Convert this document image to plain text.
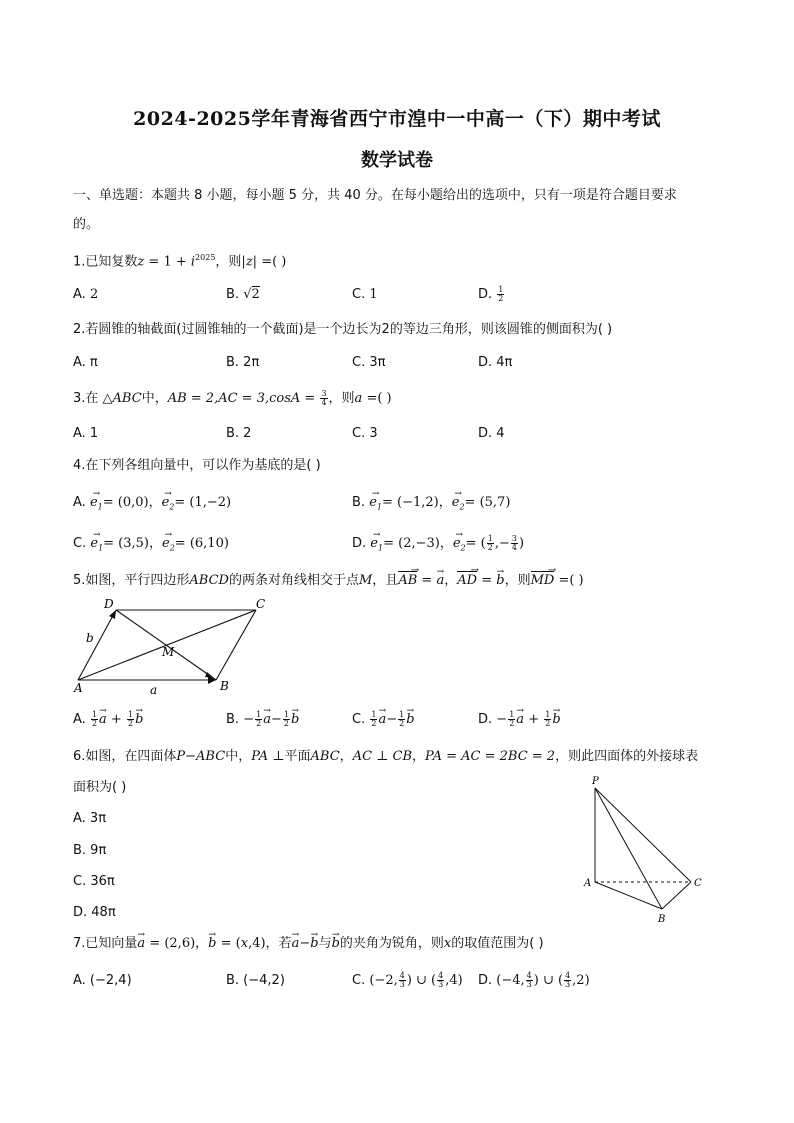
2024-2025学年青海省西宁市湟中一中高一（下）期中考试
数学试卷
一、单选题：本题共 8 小题，每小题 5 分，共 40 分。在每小题给出的选项中，只有一项是符合题目要求
的。
1.已知复数$z = 1 + i^{2025}$，则|z| =( )
A. 2	B. √2	C. 1	D. $\frac{1}{2}$
2.若圆锥的轴截面(过圆锥轴的一个截面)是一个边长为2的等边三角形，则该圆锥的侧面积为( )
A. π	B. 2π	C. 3π	D. 4π
3.在 △ABC中，AB = $2,AC = 3,\cos A = \frac{3}{4}$ ，则a =( )
A. 1	B. 2	C. 3	D. 4
4.在下列各组向量中，可以作为基底的是( )
A. → $e_1= (0,0)$，→ $e_2= (1,-2)$	B. → $e_1= (-1,2)$，→ $e_2= (5,7)$
C. → $e_1= (3,5)$，→ $e_2= (6,10)$	D. → $e_1= (2,-3)$，→ $e_2=$ ( $\frac{1}{2}$ ,− $\frac{3}{4}$ )
5.如图，平行四边形ABCD的两条对角线相交于点M，且→ AB = → a，→ AD = → b，则→ MD =( )
D	C
b
M
A	a	B
A. $\frac{1}{2}$
→ $a + \frac{1}{2}$
→ b	B. − $\frac{1}{2}$
→ $a- \frac{1}{2}$
→ b	C. $\frac{1}{2}$
→ $a- \frac{1}{2}$
→ b	D. − $\frac{1}{2}$
→ $a + \frac{1}{2}$
→ b
6.如图，在四面体P−ABC中，PA ⊥平面ABC，AC ⊥ CB，PA = AC = 2BC = 2，则此四面体的外接球表
面积为( )
A. 3π
B. 9π
C. 36π
D. 48π
P
A	C
B
7.已知向量→ a = (2,6)，→ b = (x,4)，若→ a−→ b与→ b的夹角为锐角，则x的取值范围为( )
A. (−2,4)	B. (−4,2)	C. (−2, $\frac{4}{3}$ ) ∪ ( $\frac{4}{3} ,4$) D. (−4, $\frac{4}{3}$ ) ∪ ( $\frac{4}{3} ,2$)
